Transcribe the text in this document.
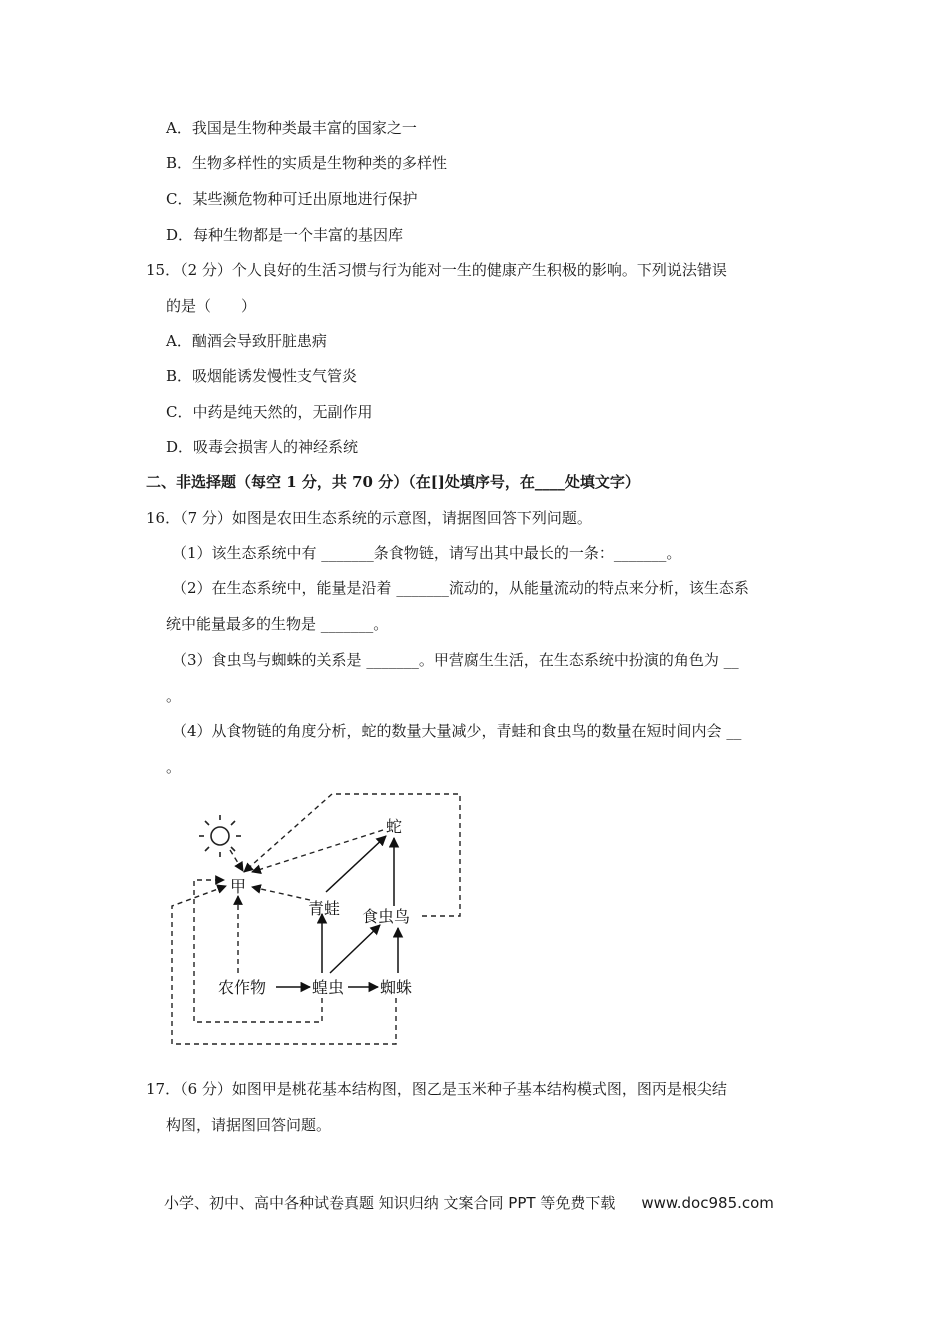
A．我国是生物种类最丰富的国家之一
B．生物多样性的实质是生物种类的多样性
C．某些濒危物种可迁出原地进行保护
D．每种生物都是一个丰富的基因库
15．（2 分）个人良好的生活习惯与行为能对一生的健康产生积极的影响。下列说法错误
的是（　　）
A．酗酒会导致肝脏患病
B．吸烟能诱发慢性支气管炎
C．中药是纯天然的，无副作用
D．吸毒会损害人的神经系统
二、非选择题（每空 1 分，共 70 分）（在[]处填序号，在____处填文字）
16．（7 分）如图是农田生态系统的示意图，请据图回答下列问题。
（1）该生态系统中有 _______条食物链，请写出其中最长的一条：_______。
（2）在生态系统中，能量是沿着 _______流动的，从能量流动的特点来分析，该生态系
统中能量最多的生物是 _______。
（3）食虫鸟与蜘蛛的关系是 _______。甲营腐生生活，在生态系统中扮演的角色为 __
。
（4）从食物链的角度分析，蛇的数量大量减少，青蛙和食虫鸟的数量在短时间内会 __
。
蛇
甲
青蛙 食虫鸟
农作物	蝗虫 蜘蛛
17．（6 分）如图甲是桃花基本结构图，图乙是玉米种子基本结构模式图，图丙是根尖结
构图，请据图回答问题。
小学、初中、高中各种试卷真题 知识归纳 文案合同 PPT 等免费下载 www.doc985.com
